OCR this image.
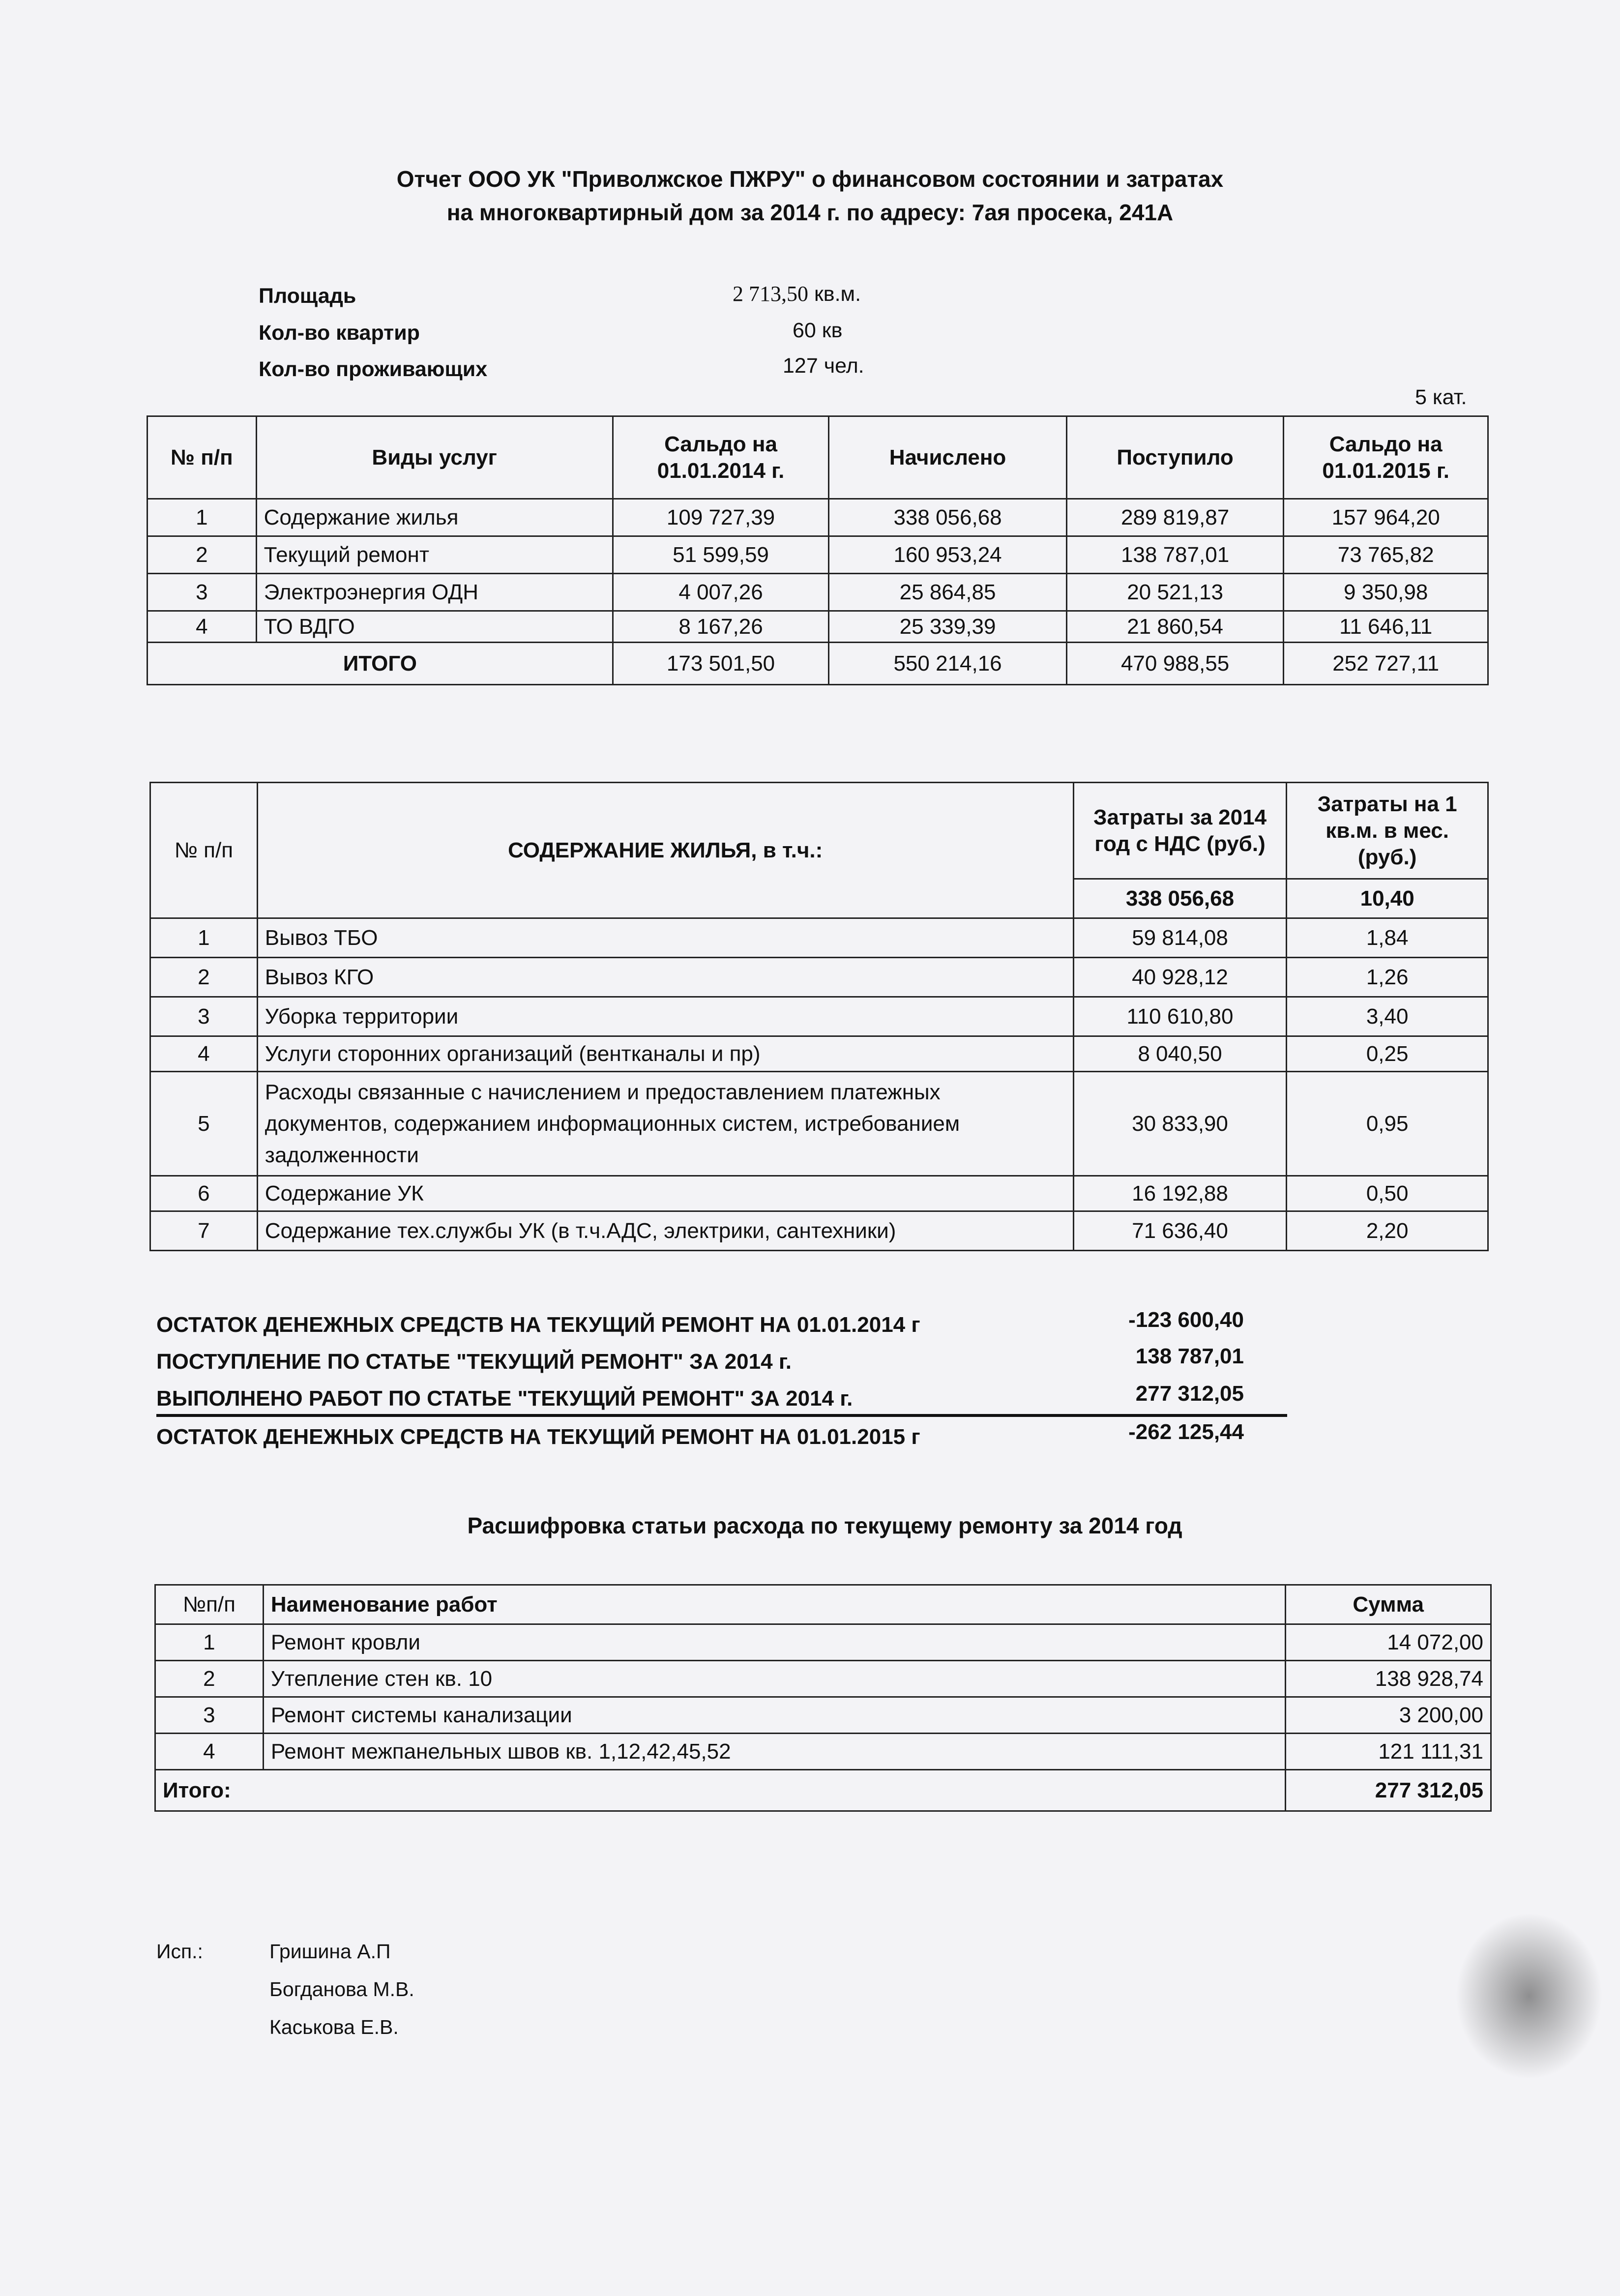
Отчет ООО УК "Приволжское ПЖРУ" о финансовом состоянии и затратах
на многоквартирный дом за 2014 г. по адресу: 7ая просека, 241А
Площадь	2 713,50 кв.м.
Кол-во квартир	60 кв
Кол-во проживающих	127 чел.
5 кат.
№ п/п	Виды услуг	Сальдо на 01.01.2014 г.	Начислено	Поступило	Сальдо на 01.01.2015 г.
1	Содержание жилья	109 727,39	338 056,68	289 819,87	157 964,20
2	Текущий ремонт	51 599,59	160 953,24	138 787,01	73 765,82
3	Электроэнергия ОДН	4 007,26	25 864,85	20 521,13	9 350,98
4	ТО ВДГО	8 167,26	25 339,39	21 860,54	11 646,11
ИТОГО		173 501,50	550 214,16	470 988,55	252 727,11
№ п/п	СОДЕРЖАНИЕ ЖИЛЬЯ, в т.ч.:	Затраты за 2014 год с НДС (руб.)	Затраты на 1 кв.м. в мес. (руб.)
		338 056,68	10,40
1	Вывоз ТБО	59 814,08	1,84
2	Вывоз КГО	40 928,12	1,26
3	Уборка территории	110 610,80	3,40
4	Услуги сторонних организаций (вентканалы и пр)	8 040,50	0,25
5	Расходы связанные с начислением и предоставлением платежных документов, содержанием информационных систем, истребованием задолженности	30 833,90	0,95
6	Содержание УК	16 192,88	0,50
7	Содержание тех.службы УК (в т.ч.АДС, электрики, сантехники)	71 636,40	2,20
ОСТАТОК ДЕНЕЖНЫХ СРЕДСТВ НА ТЕКУЩИЙ РЕМОНТ НА 01.01.2014 г	-123 600,40
ПОСТУПЛЕНИЕ ПО СТАТЬЕ "ТЕКУЩИЙ РЕМОНТ" ЗА 2014 г.	138 787,01
ВЫПОЛНЕНО РАБОТ ПО СТАТЬЕ "ТЕКУЩИЙ РЕМОНТ" ЗА 2014 г.	277 312,05
ОСТАТОК ДЕНЕЖНЫХ СРЕДСТВ НА ТЕКУЩИЙ РЕМОНТ НА 01.01.2015 г	-262 125,44
Расшифровка статьи расхода по текущему ремонту за 2014 год
№п/п	Наименование работ	Сумма
1	Ремонт кровли	14 072,00
2	Утепление стен кв. 10	138 928,74
3	Ремонт системы канализации	3 200,00
4	Ремонт межпанельных швов кв. 1,12,42,45,52	121 111,31
Итого:		277 312,05
Исп.:	Гришина А.П
Богданова М.В.
Каськова Е.В.
